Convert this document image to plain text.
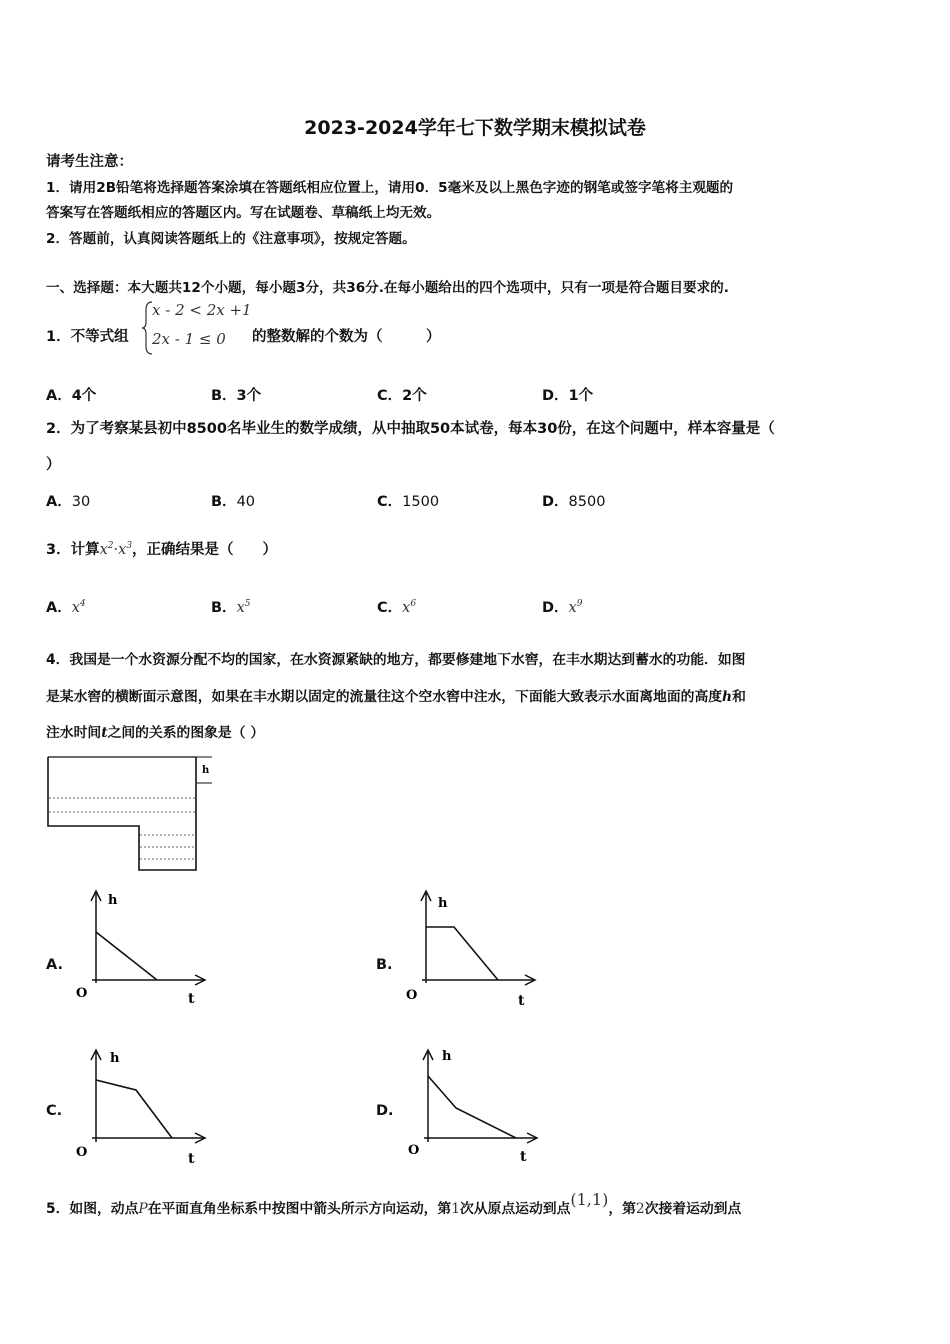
2023-2024学年七下数学期末模拟试卷
请考生注意：
1．请用2B铅笔将选择题答案涂填在答题纸相应位置上，请用0．5毫米及以上黑色字迹的钢笔或签字笔将主观题的
答案写在答题纸相应的答题区内。写在试题卷、草稿纸上均无效。
2．答题前，认真阅读答题纸上的《注意事项》，按规定答题。
一、选择题：本大题共12个小题，每小题3分，共36分.在每小题给出的四个选项中，只有一项是符合题目要求的.
1．不等式组
x - 2 < 2x +1
2x - 1 ≤ 0 的整数解的个数为（　　　）
A．4个	B．3个	C．2个	D．1个
2．为了考察某县初中8500名毕业生的数学成绩，从中抽取50本试卷，每本30份，在这个问题中，样本容量是（
）
A．30	B．40	C．1500	D．8500
3．计算$x^2\cdot x^3$，正确结果是（　　）
A．$x^4$	B．$x^5$	C．$x^6$	D．$x^9$
4．我国是一个水资源分配不均的国家，在水资源紧缺的地方，都要修建地下水窖，在丰水期达到蓄水的功能．如图
是某水窖的横断面示意图，如果在丰水期以固定的流量往这个空水窖中注水，下面能大致表示水面离地面的高度h和
注水时间t之间的关系的图象是（ ）
h
A.
h
t
O
B.
h
t
O
C.
h
t
O
D.
h
t
O
5．如图，动点P在平面直角坐标系中按图中箭头所示方向运动，第1次从原点运动到点(1,1)，第2次接着运动到点
